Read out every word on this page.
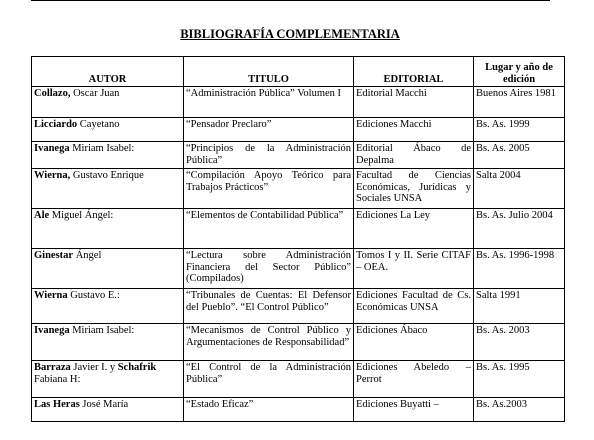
BIBLIOGRAFÍA COMPLEMENTARIA
AUTOR	TITULO	EDITORIAL	Lugar y año de edición
Collazo, Oscar Juan	“Administración Pública” Volumen I	Editorial Macchi	Buenos Aires 1981
Licciardo Cayetano	“Pensador Preclaro”	Ediciones Macchi	Bs. As. 1999
Ivanega Miriam Isabel:	“Principios de la Administración Pública”	Editorial Ábaco de Depalma	Bs. As. 2005
Wierna, Gustavo Enrique	“Compilación Apoyo Teórico para Trabajos Prácticos”	Facultad de Ciencias Económicas, Jurídicas y Sociales UNSA	Salta 2004
Ale Miguel Ángel:	“Elementos de Contabilidad Pública”	Ediciones La Ley	Bs. As. Julio 2004
Ginestar Ángel	“Lectura sobre Administración Financiera del Sector Público” (Compilados)	Tomos I y II. Serie CITAF – OEA.	Bs. As. 1996-1998
Wierna Gustavo E.:	“Tribunales de Cuentas: El Defensor del Pueblo”. “El Control Público”	Ediciones Facultad de Cs. Económicas UNSA	Salta 1991
Ivanega Miriam Isabel:	“Mecanismos de Control Público y Argumentaciones de Responsabilidad”	Ediciones Ábaco	Bs. As. 2003
Barraza Javier I. y Schafrik Fabiana H:	“El Control de la Administración Pública”	Ediciones Abeledo – Perrot	Bs. As. 1995
Las Heras José María	“Estado Eficaz”	Ediciones Buyatti –	Bs. As.2003
